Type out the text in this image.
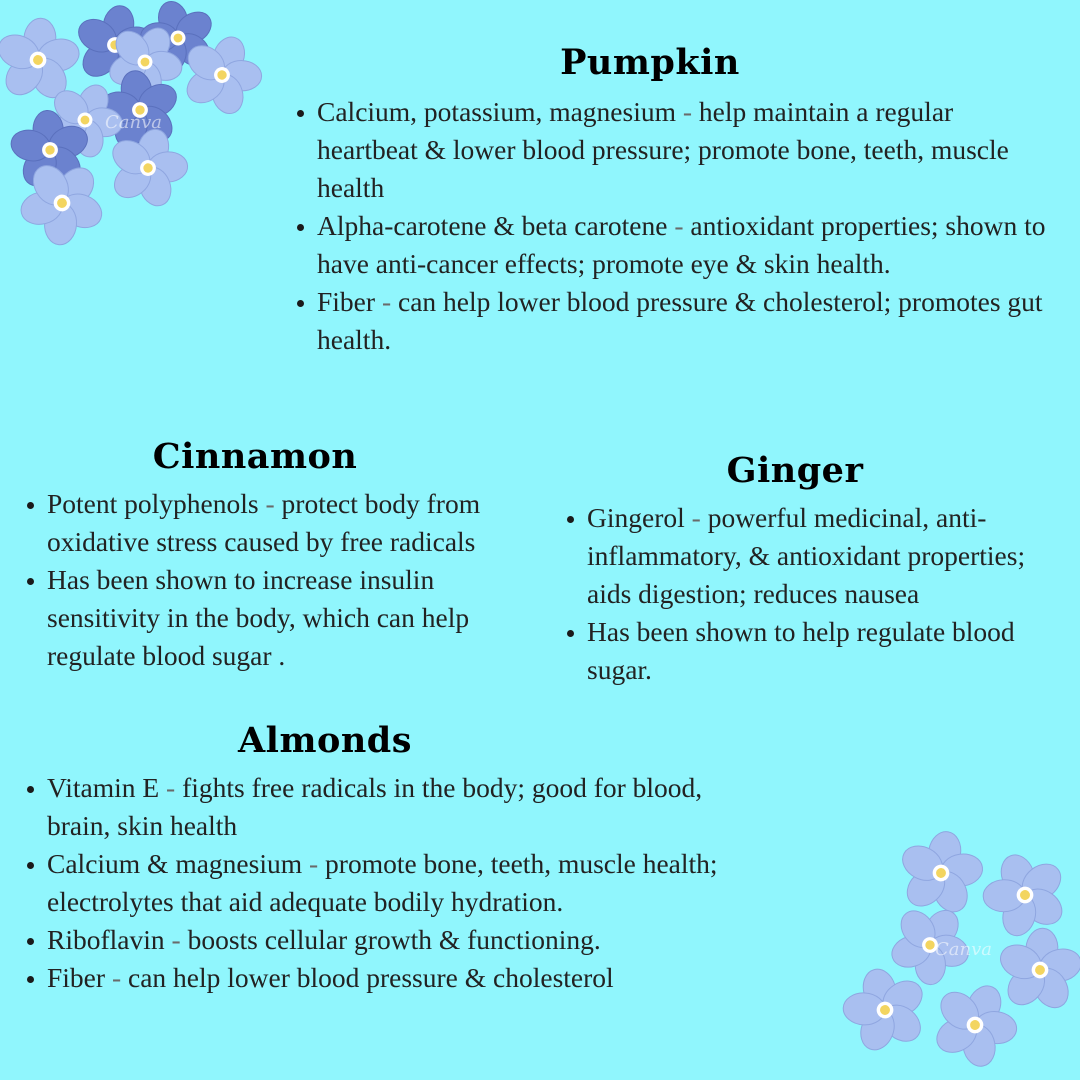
Canva
Canva
Pumpkin
Calcium, potassium, magnesium - help maintain a regular heartbeat & lower blood pressure; promote bone, teeth, muscle health
Alpha-carotene & beta carotene - antioxidant properties; shown to have anti-cancer effects; promote eye & skin health.
Fiber - can help lower blood pressure & cholesterol; promotes gut health.
Cinnamon
Potent polyphenols - protect body from oxidative stress caused by free radicals
Has been shown to increase insulin sensitivity in the body, which can help regulate blood sugar .
Ginger
Gingerol - powerful medicinal, anti-inflammatory, & antioxidant properties; aids digestion; reduces nausea
Has been shown to help regulate blood sugar.
Almonds
Vitamin E - fights free radicals in the body; good for blood, brain, skin health
Calcium & magnesium - promote bone, teeth, muscle health; electrolytes that aid adequate bodily hydration.
Riboflavin - boosts cellular growth & functioning.
Fiber - can help lower blood pressure & cholesterol
